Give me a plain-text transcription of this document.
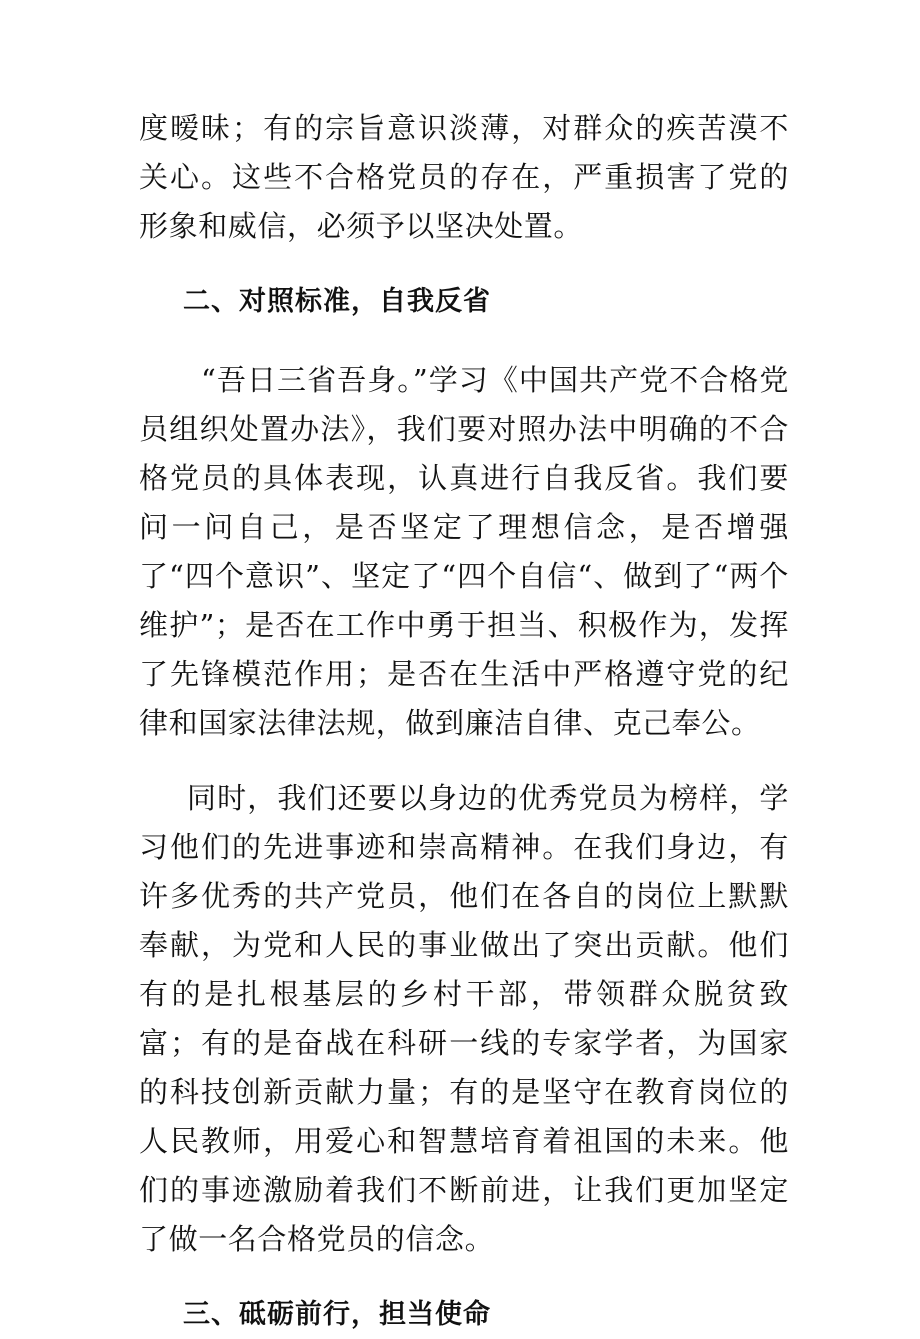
度暧昧；有的宗旨意识淡薄，对群众的疾苦漠不关心。这些不合格党员的存在，严重损害了党的形象和威信，必须予以坚决处置。

二、对照标准，自我反省

“吾日三省吾身。”学习《中国共产党不合格党员组织处置办法》，我们要对照办法中明确的不合格党员的具体表现，认真进行自我反省。我们要问一问自己，是否坚定了理想信念，是否增强了“四个意识”、坚定了“四个自信“、做到了“两个维护”；是否在工作中勇于担当、积极作为，发挥了先锋模范作用；是否在生活中严格遵守党的纪律和国家法律法规，做到廉洁自律、克己奉公。

同时，我们还要以身边的优秀党员为榜样，学习他们的先进事迹和崇高精神。在我们身边，有许多优秀的共产党员，他们在各自的岗位上默默奉献，为党和人民的事业做出了突出贡献。他们有的是扎根基层的乡村干部，带领群众脱贫致富；有的是奋战在科研一线的专家学者，为国家的科技创新贡献力量；有的是坚守在教育岗位的人民教师，用爱心和智慧培育着祖国的未来。他们的事迹激励着我们不断前进，让我们更加坚定了做一名合格党员的信念。

三、砥砺前行，担当使命
